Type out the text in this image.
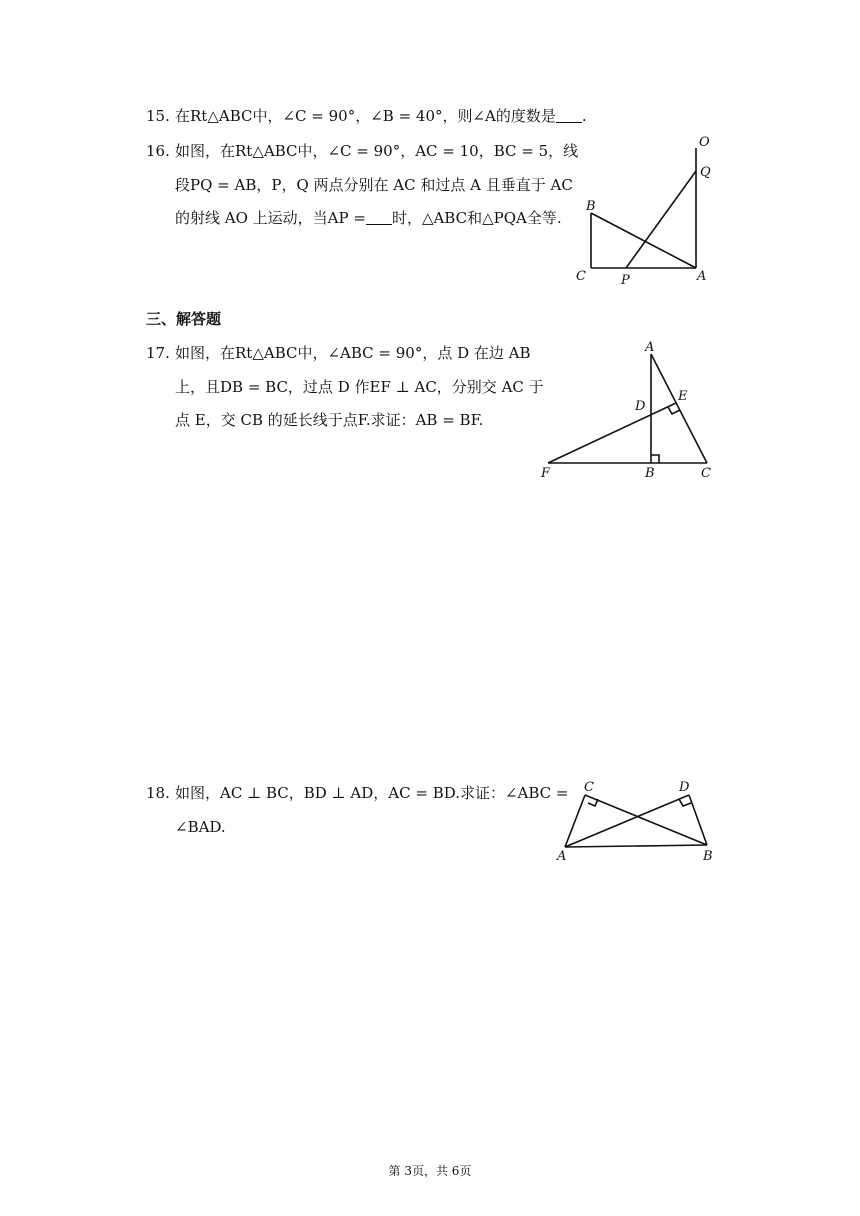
15. 在Rt△ABC中，∠C = 90°，∠B = 40°，则∠A的度数是 .
16. 如图，在Rt△ABC中，∠C = 90°，AC = 10，BC = 5，线
段PQ = AB，P，Q 两点分别在 AC 和过点 A 且垂直于 AC
的射线 AO 上运动，当AP = 时，△ABC和△PQA全等.
O
Q
B
C	P	A
三、解答题
17. 如图，在Rt△ABC中，∠ABC = 90°，点 D 在边 AB
上，且DB = BC，过点 D 作EF ⊥ AC，分别交 AC 于
点 E，交 CB 的延长线于点F.求证：AB = BF.
A
D
E
F	B	C
18. 如图，AC ⊥ BC，BD ⊥ AD，AC = BD.求证：∠ABC =
∠BAD.
C	D
A	B
第 3页，共 6页
